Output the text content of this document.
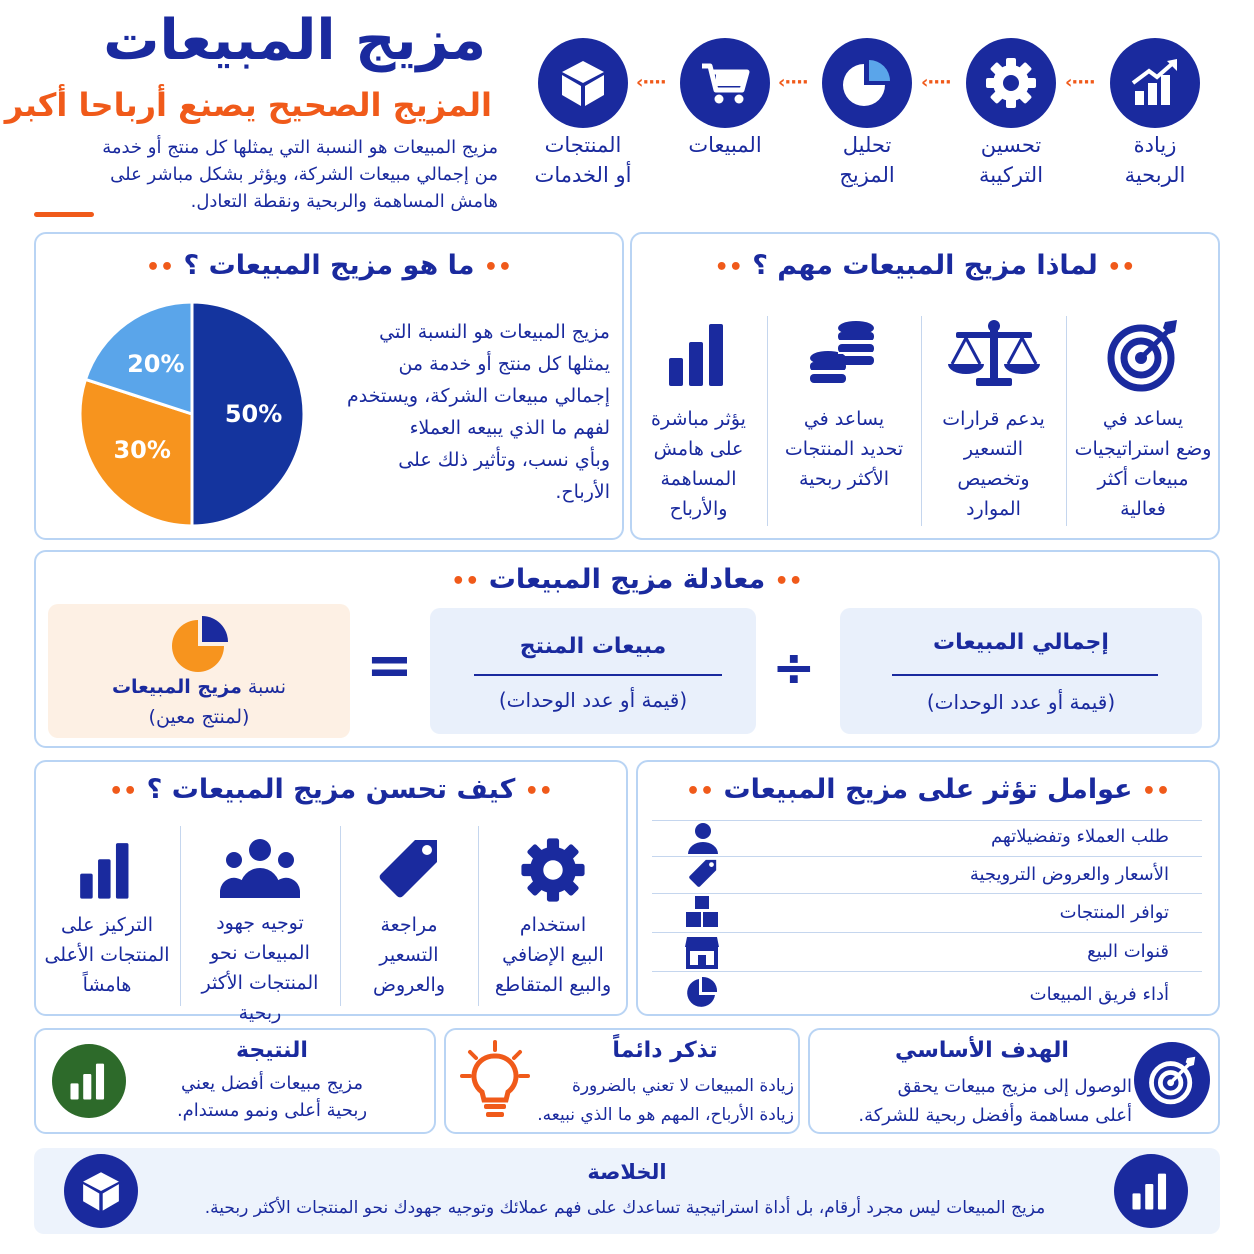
مزيج المبيعات
المزيج الصحيح يصنع أرباحا أكبر
مزيج المبيعات هو النسبة التي يمثلها كل منتج أو خدمة
من إجمالي مبيعات الشركة، ويؤثر بشكل مباشر على
هامش المساهمة والربحية ونقطة التعادل.
المنتجات
أو الخدمات
····›
المبيعات
····›
تحليل
المزيج
····›
تحسين
التركيبة
····›
زيادة
الربحية
•• ما هو مزيج المبيعات ؟ ••
مزيج المبيعات هو النسبة التي
يمثلها كل منتج أو خدمة من
إجمالي مبيعات الشركة، ويستخدم
لفهم ما الذي يبيعه العملاء
وبأي نسب، وتأثير ذلك على
الأرباح.
50%
30%
20%
•• لماذا مزيج المبيعات مهم ؟ ••
يساعد في
وضع استراتيجيات
مبيعات أكثر
فعالية
يدعم قرارات
التسعير
وتخصيص
الموارد
يساعد في
تحديد المنتجات
الأكثر ربحية
يؤثر مباشرة
على هامش
المساهمة
والأرباح
•• معادلة مزيج المبيعات ••
إجمالي المبيعات
(قيمة أو عدد الوحدات)
÷
مبيعات المنتج
(قيمة أو عدد الوحدات)
=
نسبة مزيج المبيعات
(لمنتج معين)
•• كيف تحسن مزيج المبيعات ؟ ••
استخدام
البيع الإضافي
والبيع المتقاطع
مراجعة
التسعير
والعروض
توجيه جهود
المبيعات نحو
المنتجات الأكثر
ربحية
التركيز على
المنتجات الأعلى
هامشاً
•• عوامل تؤثر على مزيج المبيعات ••
طلب العملاء وتفضيلاتهم
الأسعار والعروض الترويجية
توافر المنتجات
قنوات البيع
أداء فريق المبيعات
النتيجة
مزيج مبيعات أفضل يعني
ربحية أعلى ونمو مستدام.
تذكر دائماً
زيادة المبيعات لا تعني بالضرورة
زيادة الأرباح، المهم هو ما الذي نبيعه.
الهدف الأساسي
الوصول إلى مزيج مبيعات يحقق
أعلى مساهمة وأفضل ربحية للشركة.
الخلاصة
مزيج المبيعات ليس مجرد أرقام، بل أداة استراتيجية تساعدك على فهم عملائك وتوجيه جهودك نحو المنتجات الأكثر ربحية.
